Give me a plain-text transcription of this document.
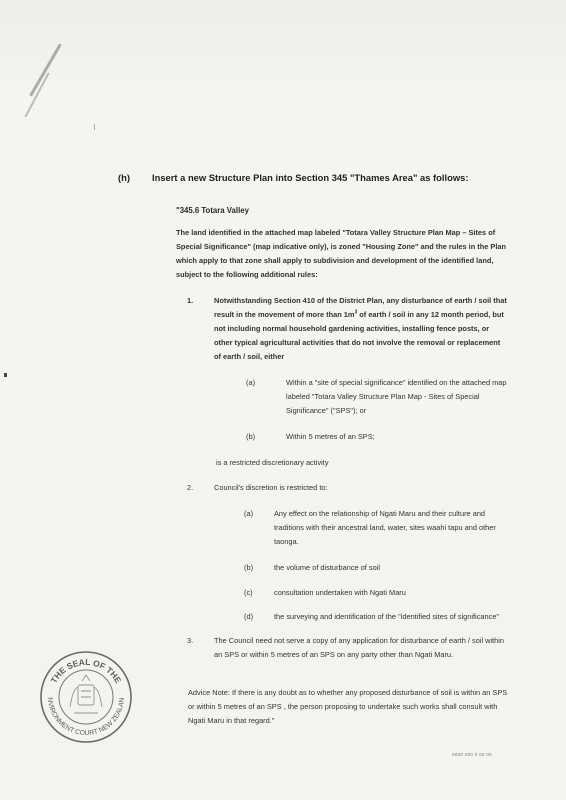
(h) Insert a new Structure Plan into Section 345 "Thames Area" as follows:
"345.6 Totara Valley
The land identified in the attached map labeled "Totara Valley Structure Plan Map – Sites of Special Significance" (map indicative only), is zoned "Housing Zone" and the rules in the Plan which apply to that zone shall apply to subdivision and development of the identified land, subject to the following additional rules:
1.	Notwithstanding Section 410 of the District Plan, any disturbance of earth / soil that result in the movement of more than $1m^3$ of earth / soil in any 12 month period, but not including normal household gardening activities, installing fence posts, or other typical agricultural activities that do not involve the removal or replacement of earth / soil, either
(a)	Within a "site of special significance" identified on the attached map labeled "Totara Valley Structure Plan Map - Sites of Special Significance" ("SPS"); or
(b)	Within 5 metres of an SPS;
is a restricted discretionary activity
2.	Council's discretion is restricted to:
(a)	Any effect on the relationship of Ngati Maru and their culture and traditions with their ancestral land, water, sites waahi tapu and other taonga.
(b)	the volume of disturbance of soil
(c)	consultation undertaken with Ngati Maru
(d)	the surveying and identification of the "identified sites of significance"
3.	The Council need not serve a copy of any application for disturbance of earth / soil within an SPS or within 5 metres of an SPS on any party other than Ngati Maru.
Advice Note: If there is any doubt as to whether any proposed disturbance of soil is within an SPS or within 5 metres of an SPS , the person proposing to undertake such works shall consult with Ngati Maru in that regard."
THE SEAL OF THE
NVIRONMENT COURT NEW ZEALAN
0000 000 0 00 00
